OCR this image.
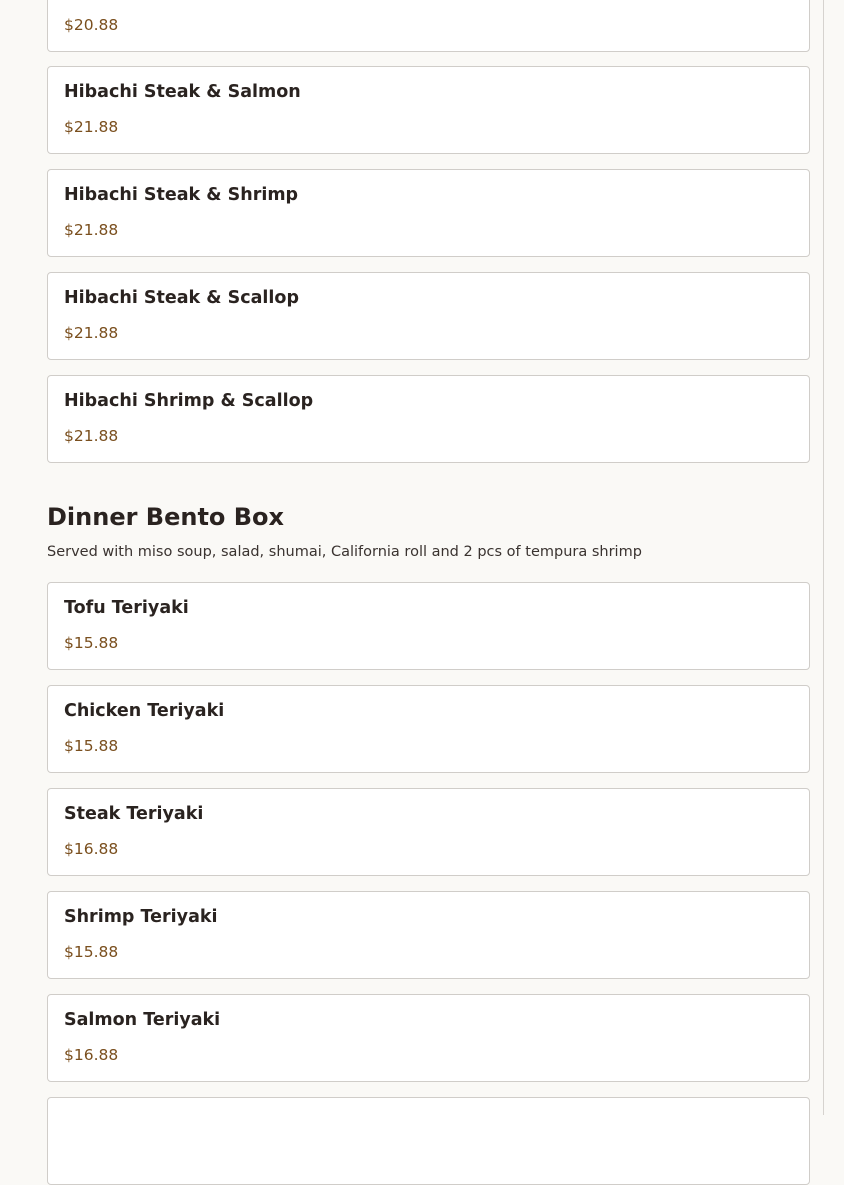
$20.88
Hibachi Steak & Salmon
$21.88
Hibachi Steak & Shrimp
$21.88
Hibachi Steak & Scallop
$21.88
Hibachi Shrimp & Scallop
$21.88
Dinner Bento Box
Served with miso soup, salad, shumai, California roll and 2 pcs of tempura shrimp
Tofu Teriyaki
$15.88
Chicken Teriyaki
$15.88
Steak Teriyaki
$16.88
Shrimp Teriyaki
$15.88
Salmon Teriyaki
$16.88
